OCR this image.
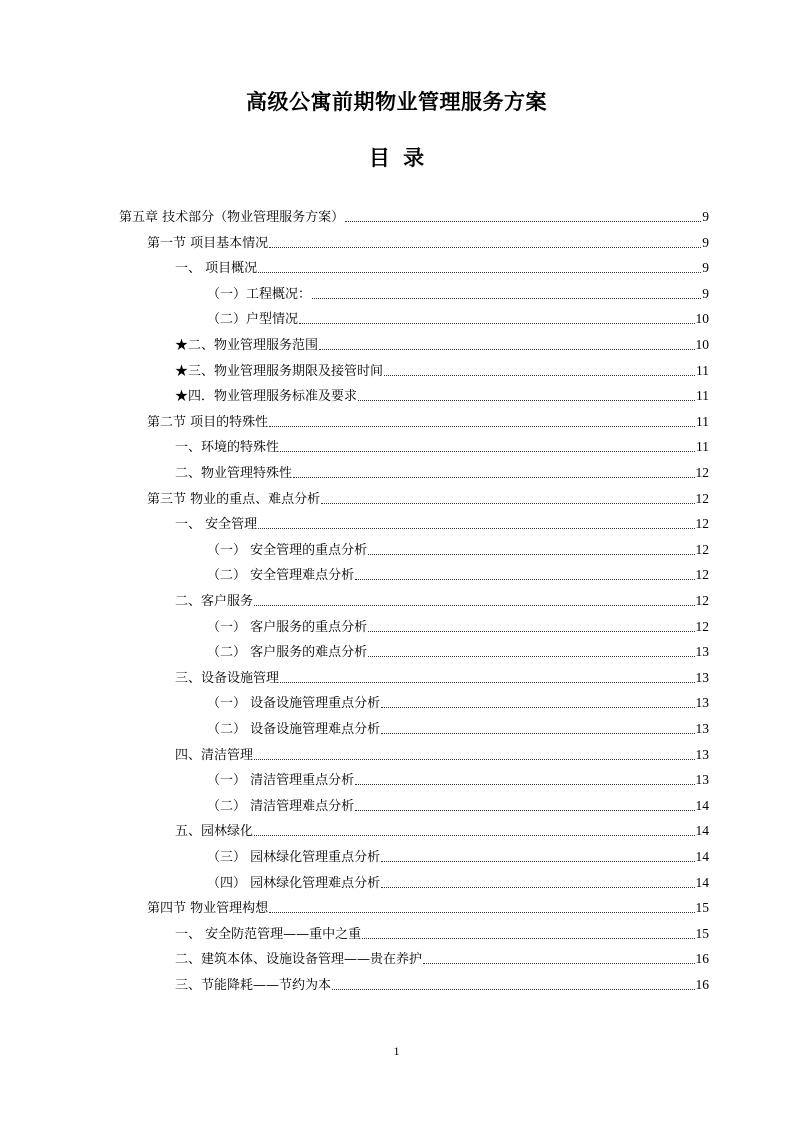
高级公寓前期物业管理服务方案
目 录
第五章 技术部分（物业管理服务方案）	9
第一节 项目基本情况	9
一、 项目概况	9
（一）工程概况：	9
（二）户型情况	10
★二、物业管理服务范围	10
★三、物业管理服务期限及接管时间	11
★四．物业管理服务标准及要求	11
第二节 项目的特殊性	11
一、环境的特殊性	11
二、物业管理特殊性	12
第三节 物业的重点、难点分析	12
一、 安全管理	12
（一） 安全管理的重点分析	12
（二） 安全管理难点分析	12
二、客户服务	12
（一） 客户服务的重点分析	12
（二） 客户服务的难点分析	13
三、设备设施管理	13
（一） 设备设施管理重点分析	13
（二） 设备设施管理难点分析	13
四、清洁管理	13
（一） 清洁管理重点分析	13
（二） 清洁管理难点分析	14
五、园林绿化	14
（三） 园林绿化管理重点分析	14
（四） 园林绿化管理难点分析	14
第四节 物业管理构想	15
一、 安全防范管理——重中之重	15
二、建筑本体、设施设备管理——贵在养护	16
三、节能降耗——节约为本	16
1
